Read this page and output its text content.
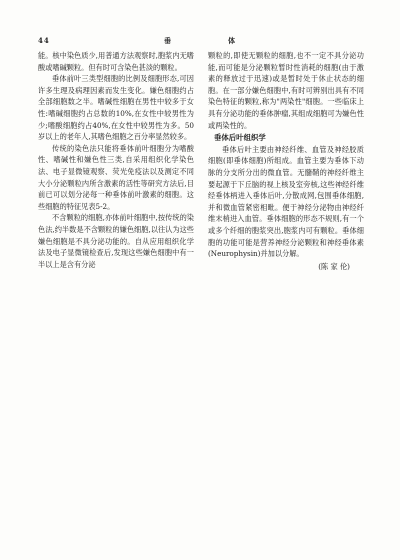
44	垂　　　　　　　体

能。核中染色质少,用普通方法观察时,胞浆内无嗜酸或嗜碱颗粒。但有时可含染色甚淡的颗粒。

垂体前叶三类型细胞的比例及细胞形态,可因许多生理及病理因素而发生变化。嫌色细胞约占全部细胞数之半。嗜碱性细胞在男性中较多于女性:嗜碱细胞约占总数的10%,在女性中较男性为少;嗜酸细胞约占40%,在女性中较男性为多。50岁以上的老年人,其嗜色细胞之百分率显然较多。

传统的染色法只能将垂体前叶细胞分为嗜酸性、嗜碱性和嫌色性三类,自采用组织化学染色法、电子显微镜观察、荧光免疫法以及测定不同大小分泌颗粒内所含激素的活性等研究方法后,目前已可以划分泌每一种垂体前叶激素的细胞。这些细胞的特征见表5-2。

不含颗粒的细胞,亦体前叶细胞中,按传统的染色法,约半数是不含颗粒的嫌色细胞,以往认为这些嫌色细胞是不具分泌功能的。自从应用组织化学法及电子显微镜检查后,发现这些嫌色细胞中有一半以上是含有分泌

颗粒的,即使无颗粒的细胞,也不一定不具分泌功能,而可能是分泌颗粒暂时性消耗的细胞(由于激素的释放过于迅速)或是暂时处于休止状态的细胞。在一部分嫌色细胞中,有时可辨别出具有不同染色特征的颗粒,称为"两染性"细胞。一些临床上具有分泌功能的垂体肿瘤,其组成细胞可为嫌色性或两染性的。

垂体后叶组织学

垂体后叶主要由神经纤维、血管及神经胶质细胞(即垂体细胞)所组成。血管主要为垂体下动脉的分支所分出的微血管。无髓鞘的神经纤维主要起源于下丘脑的视上核及室旁核,这些神经纤维经垂体柄进入垂体后叶,分散成网,包围垂体细胞,并和微血管紧密相毗。便于神经分泌物由神经纤维末梢进入血管。垂体细胞的形态不规则,有一个或多个纤细的胞浆突出,胞浆内可有颗粒。垂体细胞的功能可能是营养神经分泌颗粒和神经垂体素(Neurophysin)并加以分解。

(陈 家 伦)
